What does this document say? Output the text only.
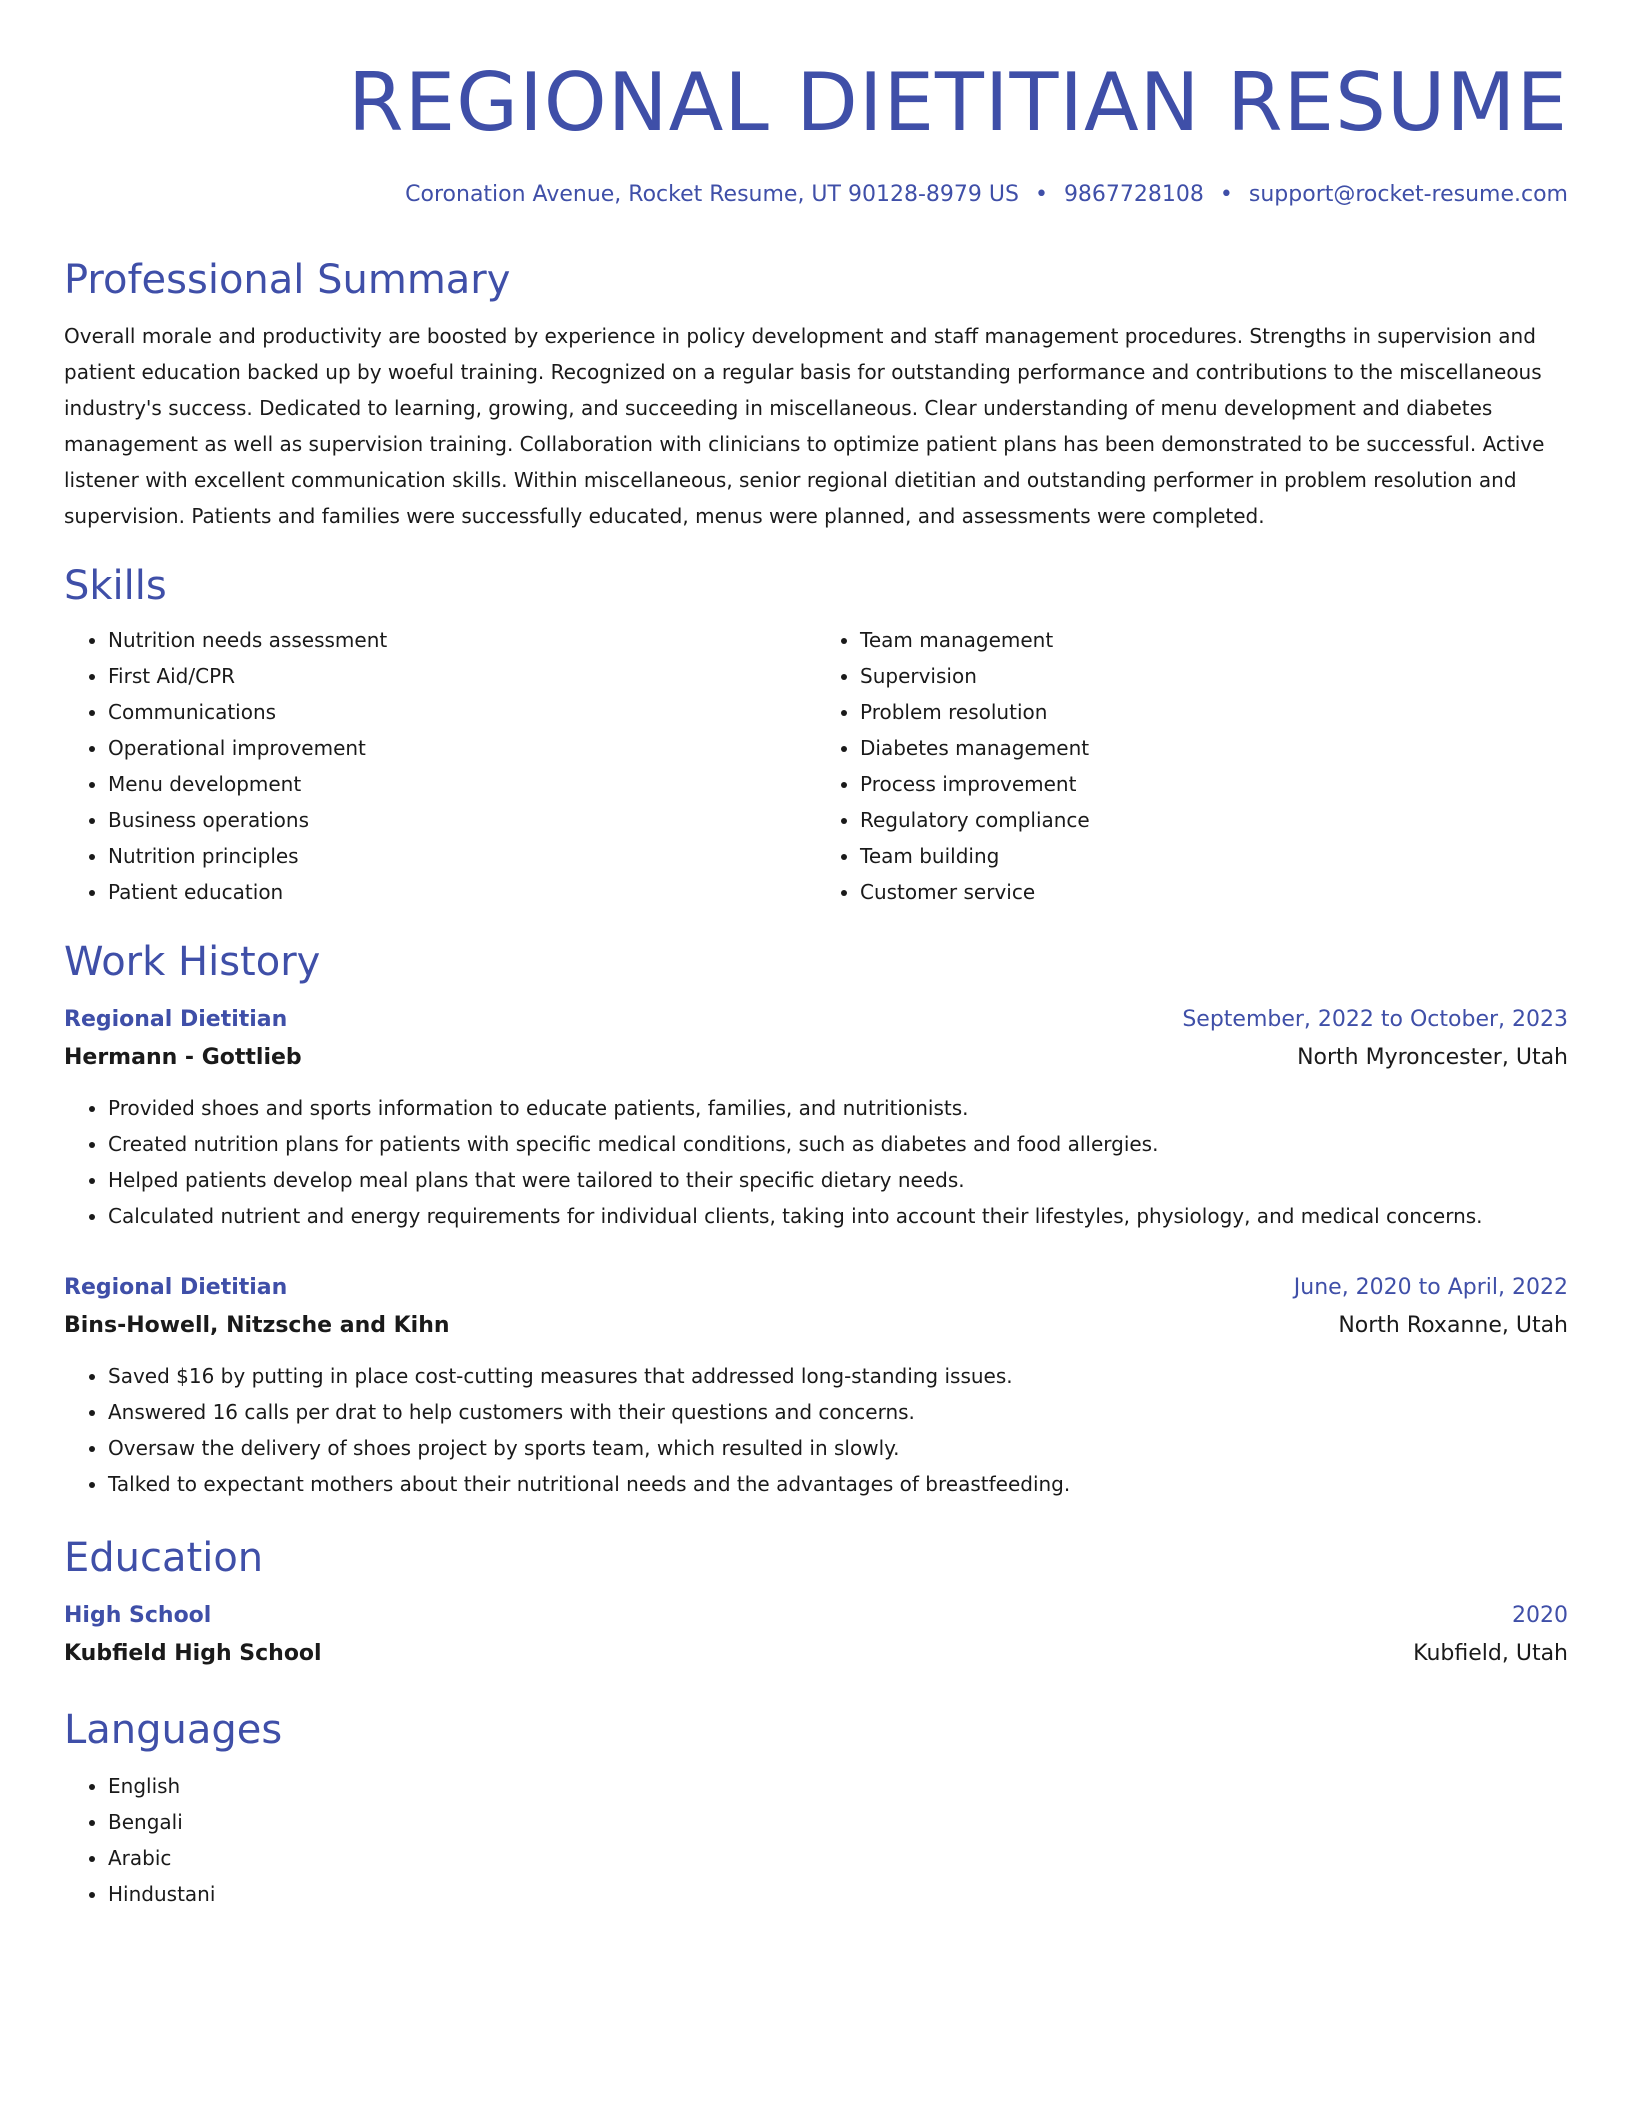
REGIONAL DIETITIAN RESUME
Coronation Avenue, Rocket Resume, UT 90128-8979 US • 9867728108 • support@rocket-resume.com
Professional Summary
Overall morale and productivity are boosted by experience in policy development and staff management procedures. Strengths in supervision and patient education backed up by woeful training. Recognized on a regular basis for outstanding performance and contributions to the miscellaneous industry's success. Dedicated to learning, growing, and succeeding in miscellaneous. Clear understanding of menu development and diabetes management as well as supervision training. Collaboration with clinicians to optimize patient plans has been demonstrated to be successful. Active listener with excellent communication skills. Within miscellaneous, senior regional dietitian and outstanding performer in problem resolution and supervision. Patients and families were successfully educated, menus were planned, and assessments were completed.
Skills
• Nutrition needs assessment
• First Aid/CPR
• Communications
• Operational improvement
• Menu development
• Business operations
• Nutrition principles
• Patient education
• Team management
• Supervision
• Problem resolution
• Diabetes management
• Process improvement
• Regulatory compliance
• Team building
• Customer service
Work History
Regional Dietitian	September, 2022 to October, 2023
Hermann - Gottlieb	North Myroncester, Utah
• Provided shoes and sports information to educate patients, families, and nutritionists.
• Created nutrition plans for patients with specific medical conditions, such as diabetes and food allergies.
• Helped patients develop meal plans that were tailored to their specific dietary needs.
• Calculated nutrient and energy requirements for individual clients, taking into account their lifestyles, physiology, and medical concerns.
Regional Dietitian	June, 2020 to April, 2022
Bins-Howell, Nitzsche and Kihn	North Roxanne, Utah
• Saved $16 by putting in place cost-cutting measures that addressed long-standing issues.
• Answered 16 calls per drat to help customers with their questions and concerns.
• Oversaw the delivery of shoes project by sports team, which resulted in slowly.
• Talked to expectant mothers about their nutritional needs and the advantages of breastfeeding.
Education
High School	2020
Kubfield High School	Kubfield, Utah
Languages
• English
• Bengali
• Arabic
• Hindustani
